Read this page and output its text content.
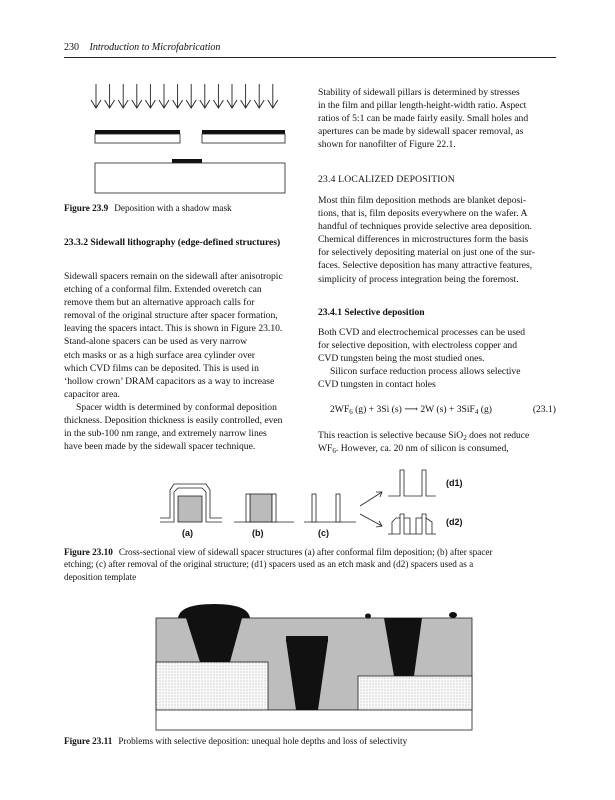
230 Introduction to Microfabrication
Figure 23.9 Deposition with a shadow mask
23.3.2 Sidewall lithography (edge-defined structures)

Sidewall spacers remain on the sidewall after anisotropic

etching of a conformal film. Extended overetch can

remove them but an alternative approach calls for

removal of the original structure after spacer formation,

leaving the spacers intact. This is shown in Figure 23.10.

Stand-alone spacers can be used as very narrow

etch masks or as a high surface area cylinder over

which CVD films can be deposited. This is used in

‘hollow crown’ DRAM capacitors as a way to increase

capacitor area.

Spacer width is determined by conformal deposition

thickness. Deposition thickness is easily controlled, even

in the sub-100 nm range, and extremely narrow lines

have been made by the sidewall spacer technique.

Stability of sidewall pillars is determined by stresses

in the film and pillar length-height-width ratio. Aspect

ratios of 5:1 can be made fairly easily. Small holes and

apertures can be made by sidewall spacer removal, as

shown for nanofilter of Figure 22.1.

23.4 LOCALIZED DEPOSITION

Most thin film deposition methods are blanket deposi-

tions, that is, film deposits everywhere on the wafer. A

handful of techniques provide selective area deposition.

Chemical differences in microstructures form the basis

for selectively depositing material on just one of the sur-

faces. Selective deposition has many attractive features,

simplicity of process integration being the foremost.

23.4.1 Selective deposition

Both CVD and electrochemical processes can be used

for selective deposition, with electroless copper and

CVD tungsten being the most studied ones.

Silicon surface reduction process allows selective

CVD tungsten in contact holes

$2WF_6$ (g) + 3Si (s) ⟶ 2W (s) + 3SiF$_4$ (g)	(23.1)

This reaction is selective because SiO$_2$ does not reduce

$WF_6$. However, ca. 20 nm of silicon is consumed,

(a)	(b)	(c)
(d1)
(d2)
Figure 23.10 Cross-sectional view of sidewall spacer structures (a) after conformal film deposition; (b) after spacer
etching; (c) after removal of the original structure; (d1) spacers used as an etch mask and (d2) spacers used as a
deposition template
Figure 23.11 Problems with selective deposition: unequal hole depths and loss of selectivity
